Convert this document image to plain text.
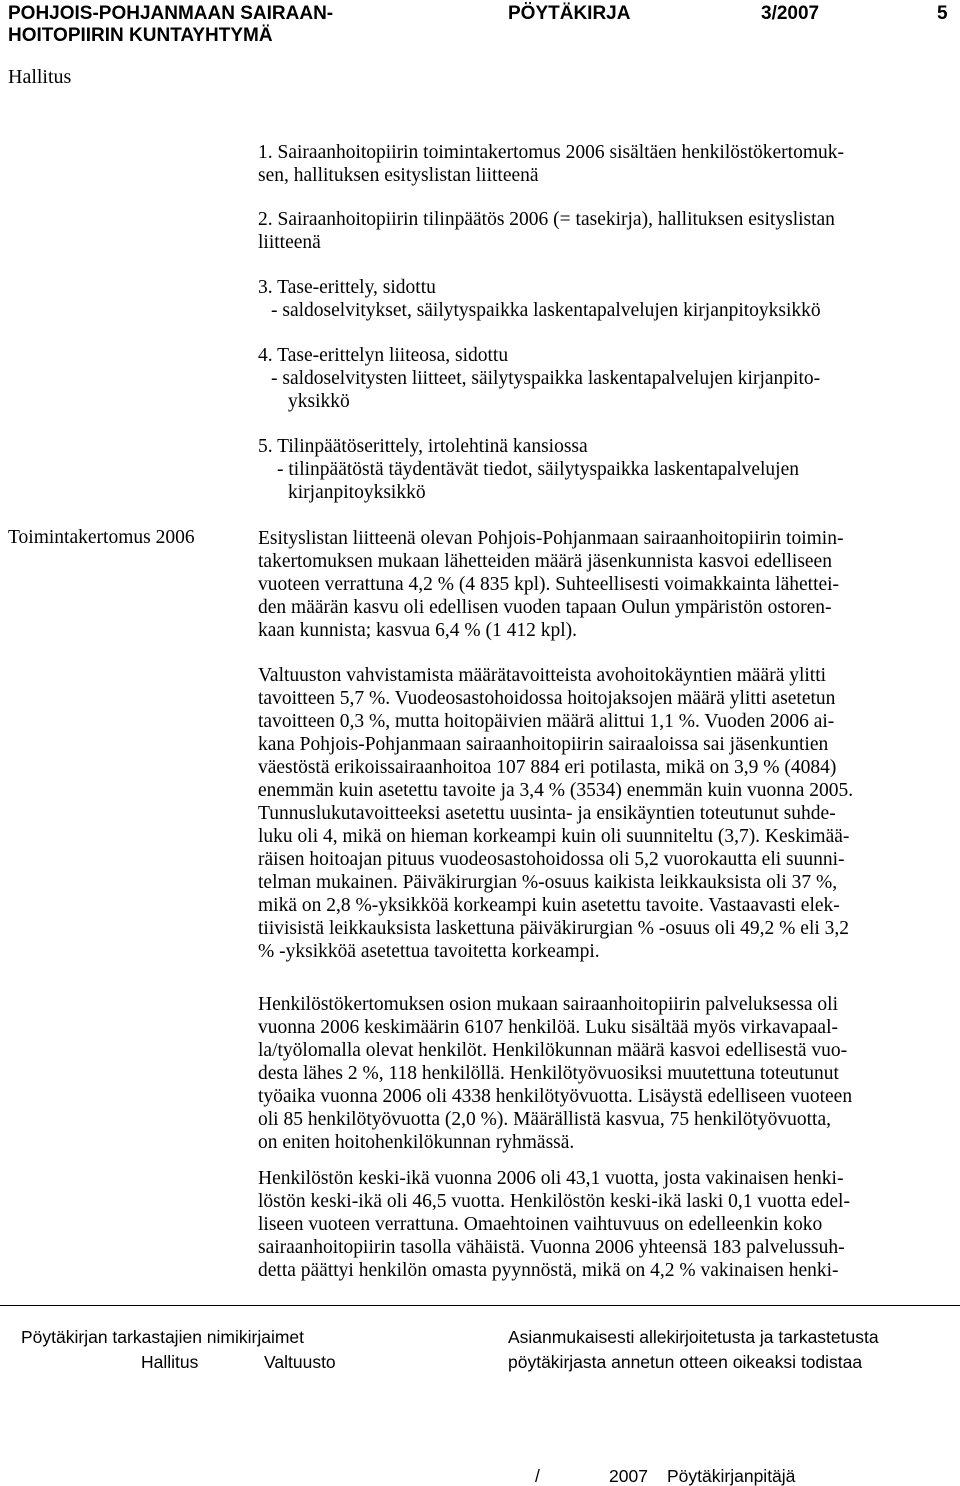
POHJOIS-POHJANMAAN SAIRAAN-
HOITOPIIRIN KUNTAYHTYMÄ
PÖYTÄKIRJA	3/2007	5
Hallitus
1. Sairaanhoitopiirin toimintakertomus 2006 sisältäen henkilöstökertomuk-
sen, hallituksen esityslistan liitteenä
2. Sairaanhoitopiirin tilinpäätös 2006 (= tasekirja), hallituksen esityslistan
liitteenä
3. Tase-erittely, sidottu
- saldoselvitykset, säilytyspaikka laskentapalvelujen kirjanpitoyksikkö
4. Tase-erittelyn liiteosa, sidottu
- saldoselvitysten liitteet, säilytyspaikka laskentapalvelujen kirjanpito-
yksikkö
5. Tilinpäätöserittely, irtolehtinä kansiossa
- tilinpäätöstä täydentävät tiedot, säilytyspaikka laskentapalvelujen
kirjanpitoyksikkö
Toimintakertomus 2006	Esityslistan liitteenä olevan Pohjois-Pohjanmaan sairaanhoitopiirin toimin-
takertomuksen mukaan lähetteiden määrä jäsenkunnista kasvoi edelliseen
vuoteen verrattuna 4,2 % (4 835 kpl). Suhteellisesti voimakkainta lähettei-
den määrän kasvu oli edellisen vuoden tapaan Oulun ympäristön ostoren-
kaan kunnista; kasvua 6,4 % (1 412 kpl).
Valtuuston vahvistamista määrätavoitteista avohoitokäyntien määrä ylitti
tavoitteen 5,7 %. Vuodeosastohoidossa hoitojaksojen määrä ylitti asetetun
tavoitteen 0,3 %, mutta hoitopäivien määrä alittui 1,1 %. Vuoden 2006 ai-
kana Pohjois-Pohjanmaan sairaanhoitopiirin sairaaloissa sai jäsenkuntien
väestöstä erikoissairaanhoitoa 107 884 eri potilasta, mikä on 3,9 % (4084)
enemmän kuin asetettu tavoite ja 3,4 % (3534) enemmän kuin vuonna 2005.
Tunnuslukutavoitteeksi asetettu uusinta- ja ensikäyntien toteutunut suhde-
luku oli 4, mikä on hieman korkeampi kuin oli suunniteltu (3,7). Keskimää-
räisen hoitoajan pituus vuodeosastohoidossa oli 5,2 vuorokautta eli suunni-
telman mukainen. Päiväkirurgian %-osuus kaikista leikkauksista oli 37 %,
mikä on 2,8 %-yksikköä korkeampi kuin asetettu tavoite. Vastaavasti elek-
tiivisistä leikkauksista laskettuna päiväkirurgian % -osuus oli 49,2 % eli 3,2
% -yksikköä asetettua tavoitetta korkeampi.
Henkilöstökertomuksen osion mukaan sairaanhoitopiirin palveluksessa oli
vuonna 2006 keskimäärin 6107 henkilöä. Luku sisältää myös virkavapaal-
la/työlomalla olevat henkilöt. Henkilökunnan määrä kasvoi edellisestä vuo-
desta lähes 2 %, 118 henkilöllä. Henkilötyövuosiksi muutettuna toteutunut
työaika vuonna 2006 oli 4338 henkilötyövuotta. Lisäystä edelliseen vuoteen
oli 85 henkilötyövuotta (2,0 %). Määrällistä kasvua, 75 henkilötyövuotta,
on eniten hoitohenkilökunnan ryhmässä.
Henkilöstön keski-ikä vuonna 2006 oli 43,1 vuotta, josta vakinaisen henki-
löstön keski-ikä oli 46,5 vuotta. Henkilöstön keski-ikä laski 0,1 vuotta edel-
liseen vuoteen verrattuna. Omaehtoinen vaihtuvuus on edelleenkin koko
sairaanhoitopiirin tasolla vähäistä. Vuonna 2006 yhteensä 183 palvelussuh-
detta päättyi henkilön omasta pyynnöstä, mikä on 4,2 % vakinaisen henki-
Pöytäkirjan tarkastajien nimikirjaimet
Hallitus	Valtuusto
Asianmukaisesti allekirjoitetusta ja tarkastetusta
pöytäkirjasta annetun otteen oikeaksi todistaa
/	2007 Pöytäkirjanpitäjä
